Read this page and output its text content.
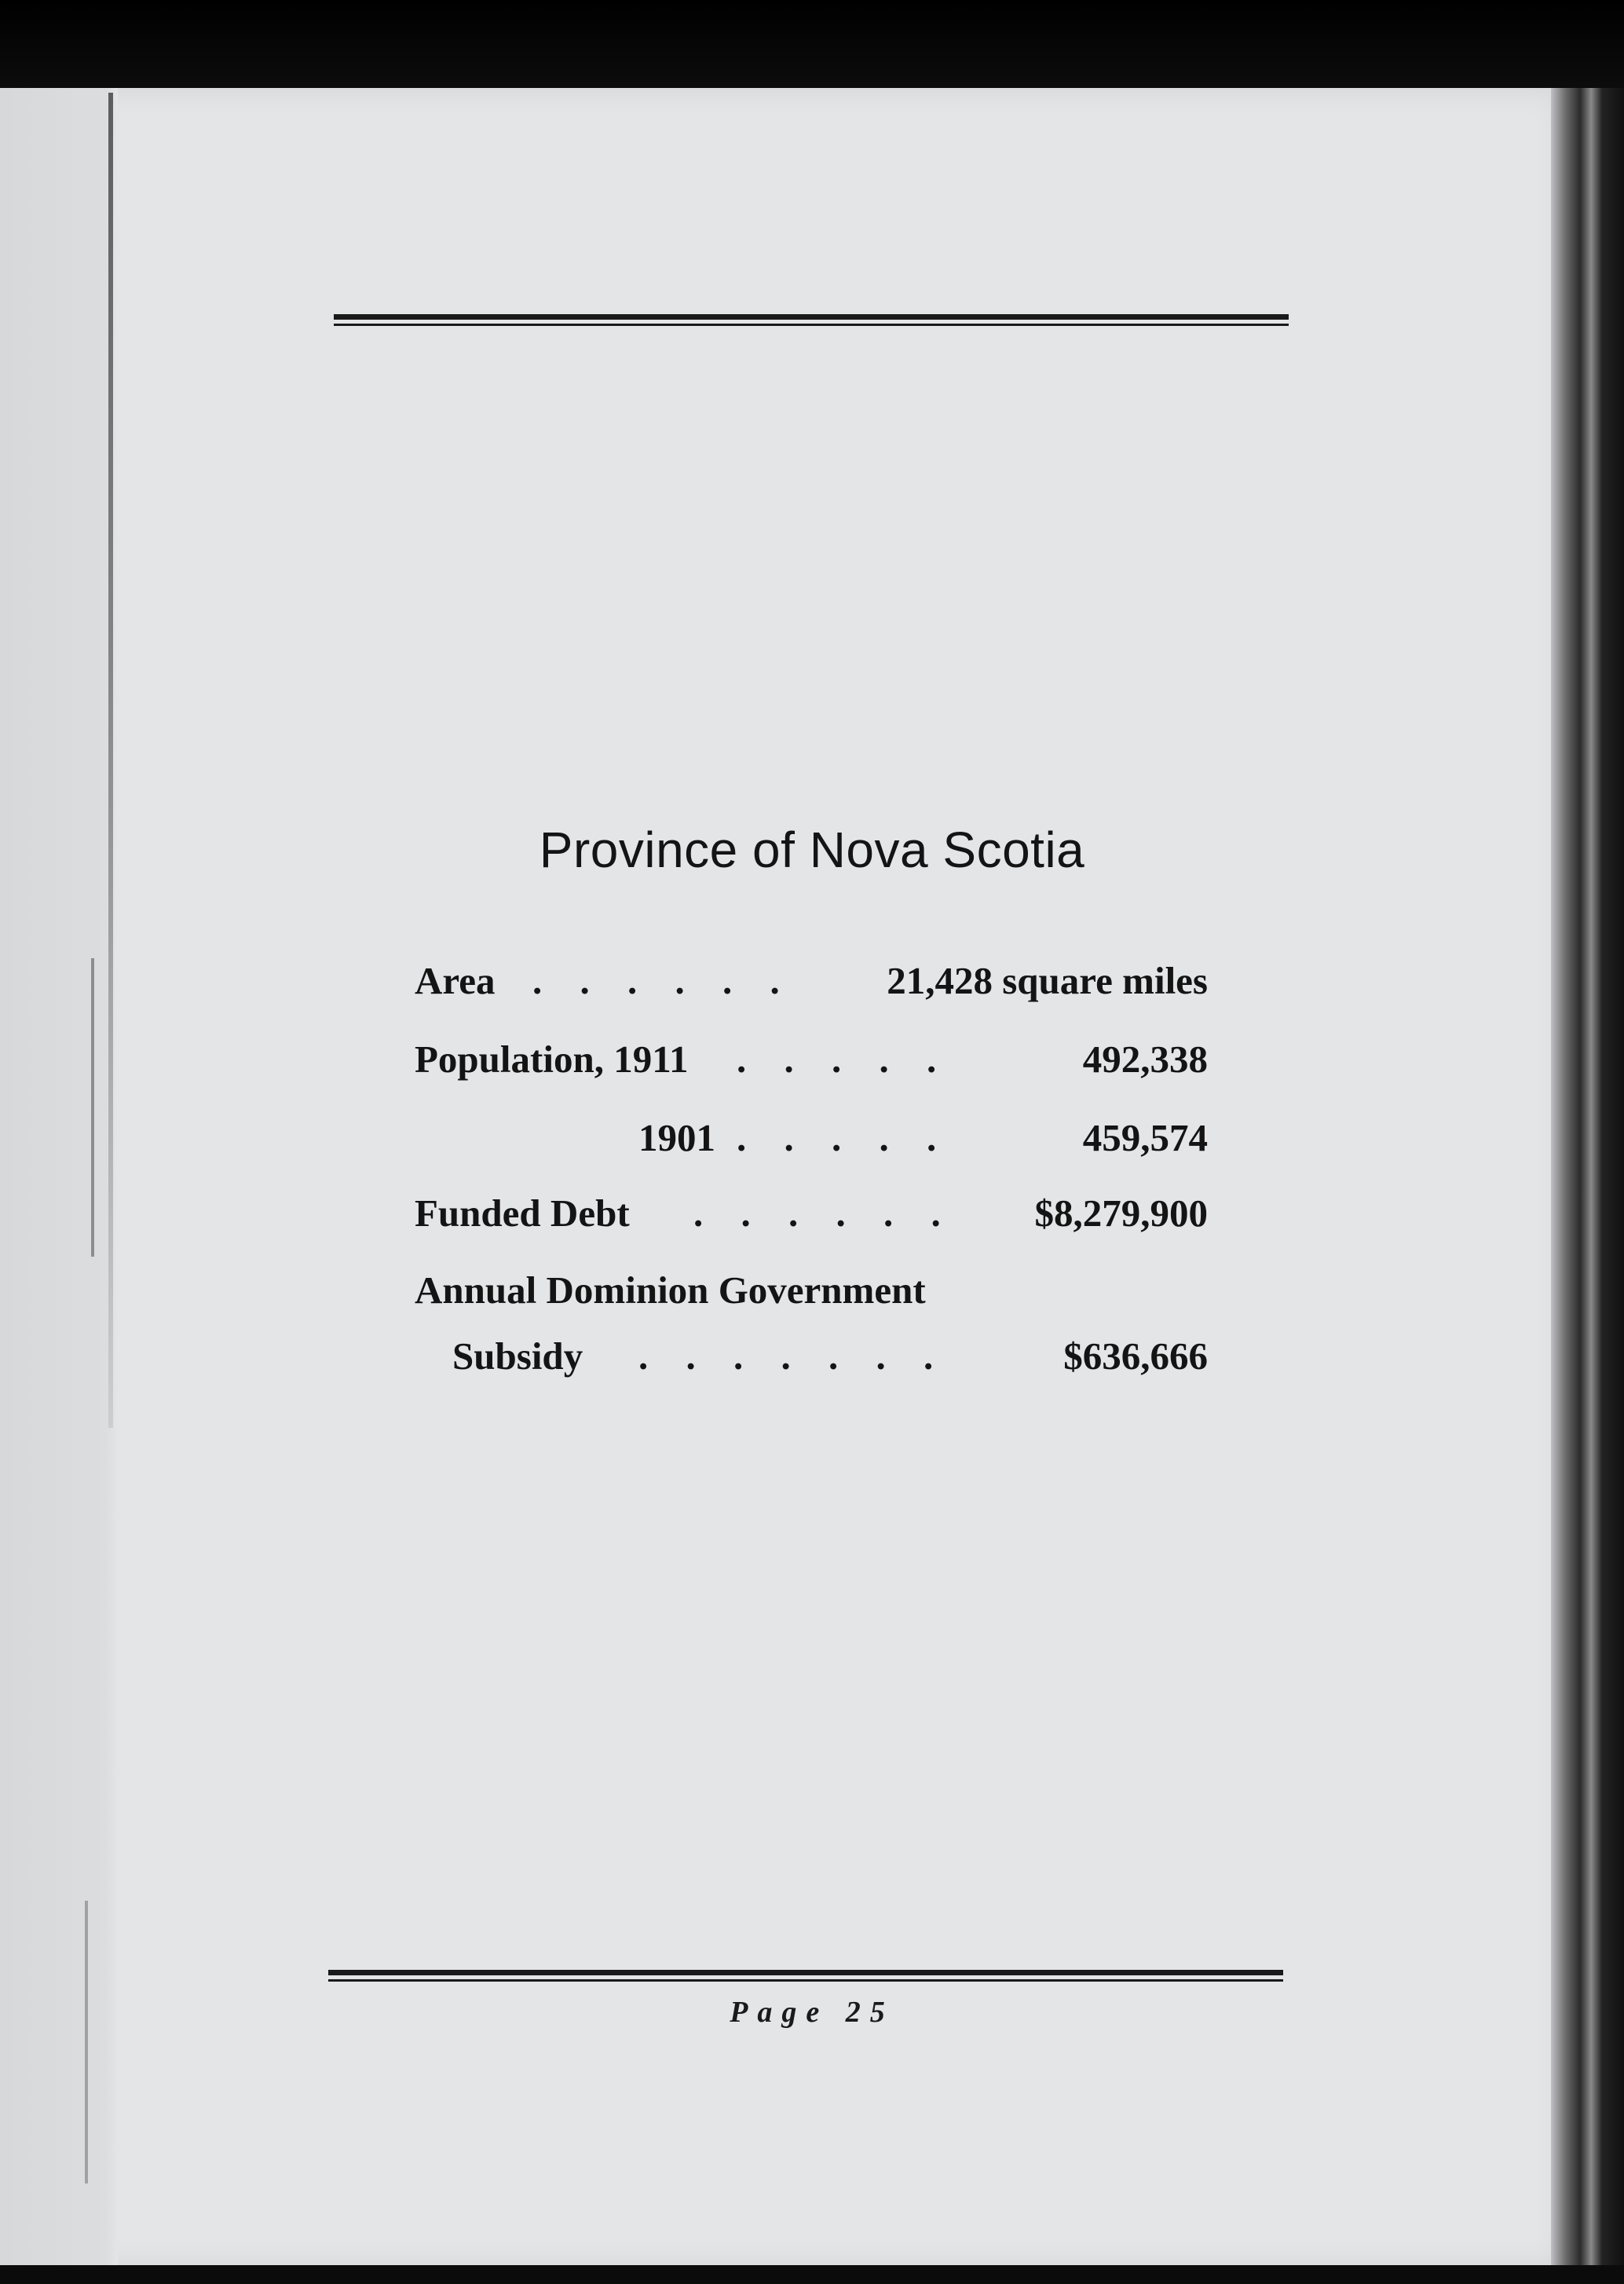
Province of Nova Scotia
Area . . . . . . 21,428 square miles
Population, 1911 . . . . .	492,338
1901 . . . . .	459,574
Funded Debt . . . . . . $8,279,900
Annual Dominion Government
Subsidy . . . . . . .	$636,666
Page 25
